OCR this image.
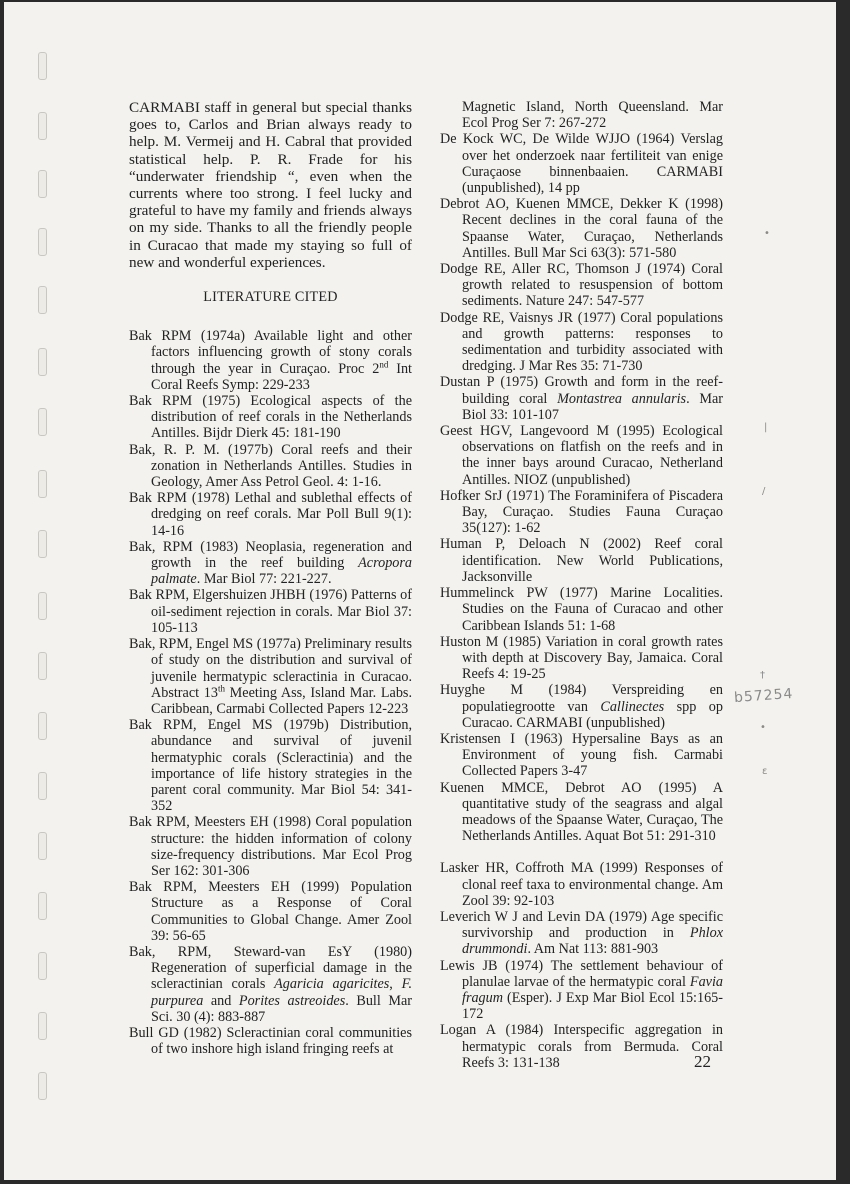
CARMABI staff in general but special thanks goes to, Carlos and Brian always ready to help. M. Vermeij and H. Cabral that provided statistical help. P. R. Frade for his “underwater friendship “, even when the currents where too strong. I feel lucky and grateful to have my family and friends always on my side. Thanks to all the friendly people in Curacao that made my staying so full of new and wonderful experiences.

LITERATURE CITED

Bak RPM (1974a) Available light and other factors influencing growth of stony corals through the year in Curaçao. Proc 2nd Int Coral Reefs Symp: 229-233

Bak RPM (1975) Ecological aspects of the distribution of reef corals in the Netherlands Antilles. Bijdr Dierk 45: 181-190

Bak, R. P. M. (1977b) Coral reefs and their zonation in Netherlands Antilles. Studies in Geology, Amer Ass Petrol Geol. 4: 1-16.

Bak RPM (1978) Lethal and sublethal effects of dredging on reef corals. Mar Poll Bull 9(1): 14-16

Bak, RPM (1983) Neoplasia, regeneration and growth in the reef building Acropora palmate. Mar Biol 77: 221-227.

Bak RPM, Elgershuizen JHBH (1976) Patterns of oil-sediment rejection in corals. Mar Biol 37: 105-113

Bak, RPM, Engel MS (1977a) Preliminary results of study on the distribution and survival of juvenile hermatypic scleractinia in Curacao. Abstract 13th Meeting Ass, Island Mar. Labs. Caribbean, Carmabi Collected Papers 12-223

Bak RPM, Engel MS (1979b) Distribution, abundance and survival of juvenil hermatyphic corals (Scleractinia) and the importance of life history strategies in the parent coral community. Mar Biol 54: 341-352

Bak RPM, Meesters EH (1998) Coral population structure: the hidden information of colony size-frequency distributions. Mar Ecol Prog Ser 162: 301-306

Bak RPM, Meesters EH (1999) Population Structure as a Response of Coral Communities to Global Change. Amer Zool 39: 56-65

Bak, RPM, Steward-van EsY (1980) Regeneration of superficial damage in the scleractinian corals Agaricia agaricites, F. purpurea and Porites astreoides. Bull Mar Sci. 30 (4): 883-887

Bull GD (1982) Scleractinian coral communities of two inshore high island fringing reefs at

Magnetic Island, North Queensland. Mar Ecol Prog Ser 7: 267-272

De Kock WC, De Wilde WJJO (1964) Verslag over het onderzoek naar fertiliteit van enige Curaçaose binnenbaaien. CARMABI (unpublished), 14 pp

Debrot AO, Kuenen MMCE, Dekker K (1998) Recent declines in the coral fauna of the Spaanse Water, Curaçao, Netherlands Antilles. Bull Mar Sci 63(3): 571-580

Dodge RE, Aller RC, Thomson J (1974) Coral growth related to resuspension of bottom sediments. Nature 247: 547-577

Dodge RE, Vaisnys JR (1977) Coral populations and growth patterns: responses to sedimentation and turbidity associated with dredging. J Mar Res 35: 71-730

Dustan P (1975) Growth and form in the reef-building coral Montastrea annularis. Mar Biol 33: 101-107

Geest HGV, Langevoord M (1995) Ecological observations on flatfish on the reefs and in the inner bays around Curacao, Netherland Antilles. NIOZ (unpublished)

Hofker SrJ (1971) The Foraminifera of Piscadera Bay, Curaçao. Studies Fauna Curaçao 35(127): 1-62

Human P, Deloach N (2002) Reef coral identification. New World Publications, Jacksonville

Hummelinck PW (1977) Marine Localities. Studies on the Fauna of Curacao and other Caribbean Islands 51: 1-68

Huston M (1985) Variation in coral growth rates with depth at Discovery Bay, Jamaica. Coral Reefs 4: 19-25

Huyghe M (1984) Verspreiding en populatiegrootte van Callinectes spp op Curacao. CARMABI (unpublished)

Kristensen I (1963) Hypersaline Bays as an Environment of young fish. Carmabi Collected Papers 3-47

Kuenen MMCE, Debrot AO (1995) A quantitative study of the seagrass and algal meadows of the Spaanse Water, Curaçao, The Netherlands Antilles. Aquat Bot 51: 291-310

Lasker HR, Coffroth MA (1999) Responses of clonal reef taxa to environmental change. Am Zool 39: 92-103

Leverich W J and Levin DA (1979) Age specific survivorship and production in Phlox drummondi. Am Nat 113: 881-903

Lewis JB (1974) The settlement behaviour of planulae larvae of the hermatypic coral Favia fragum (Esper). J Exp Mar Biol Ecol 15:165-172

Logan A (1984) Interspecific aggregation in hermatypic corals from Bermuda. Coral Reefs 3: 131-138	22
b57254
•
|
/
†
•
ε
